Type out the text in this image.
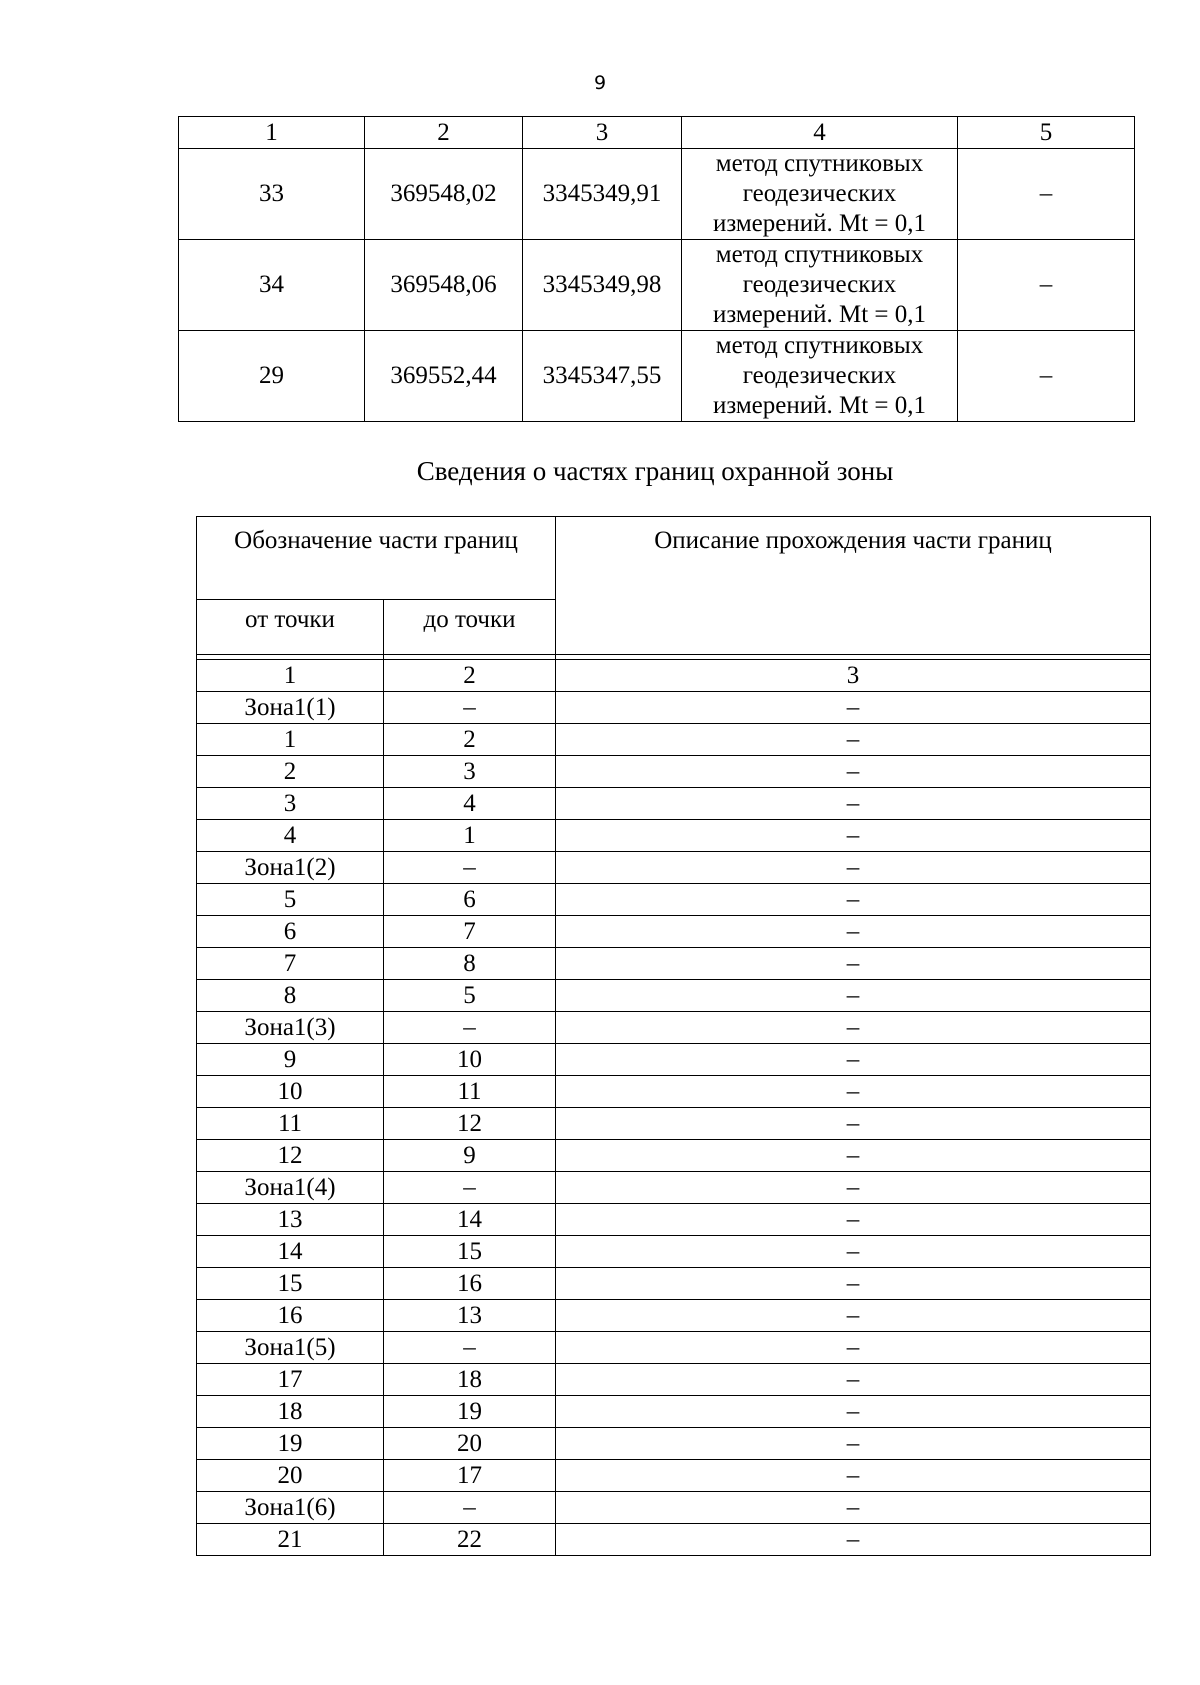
9
1	2	3	4	5
33	369548,02	3345349,91	метод спутниковых
геодезических
измерений. Mt = 0,1	–
34	369548,06	3345349,98	метод спутниковых
геодезических
измерений. Mt = 0,1	–
29	369552,44	3345347,55	метод спутниковых
геодезических
измерений. Mt = 0,1	–
Сведения о частях границ охранной зоны
Обозначение части границ		Описание прохождения части границ
от точки	до точки	

1	2	3
Зона1(1)	–	–
1	2	–
2	3	–
3	4	–
4	1	–
Зона1(2)	–	–
5	6	–
6	7	–
7	8	–
8	5	–
Зона1(3)	–	–
9	10	–
10	11	–
11	12	–
12	9	–
Зона1(4)	–	–
13	14	–
14	15	–
15	16	–
16	13	–
Зона1(5)	–	–
17	18	–
18	19	–
19	20	–
20	17	–
Зона1(6)	–	–
21	22	–
